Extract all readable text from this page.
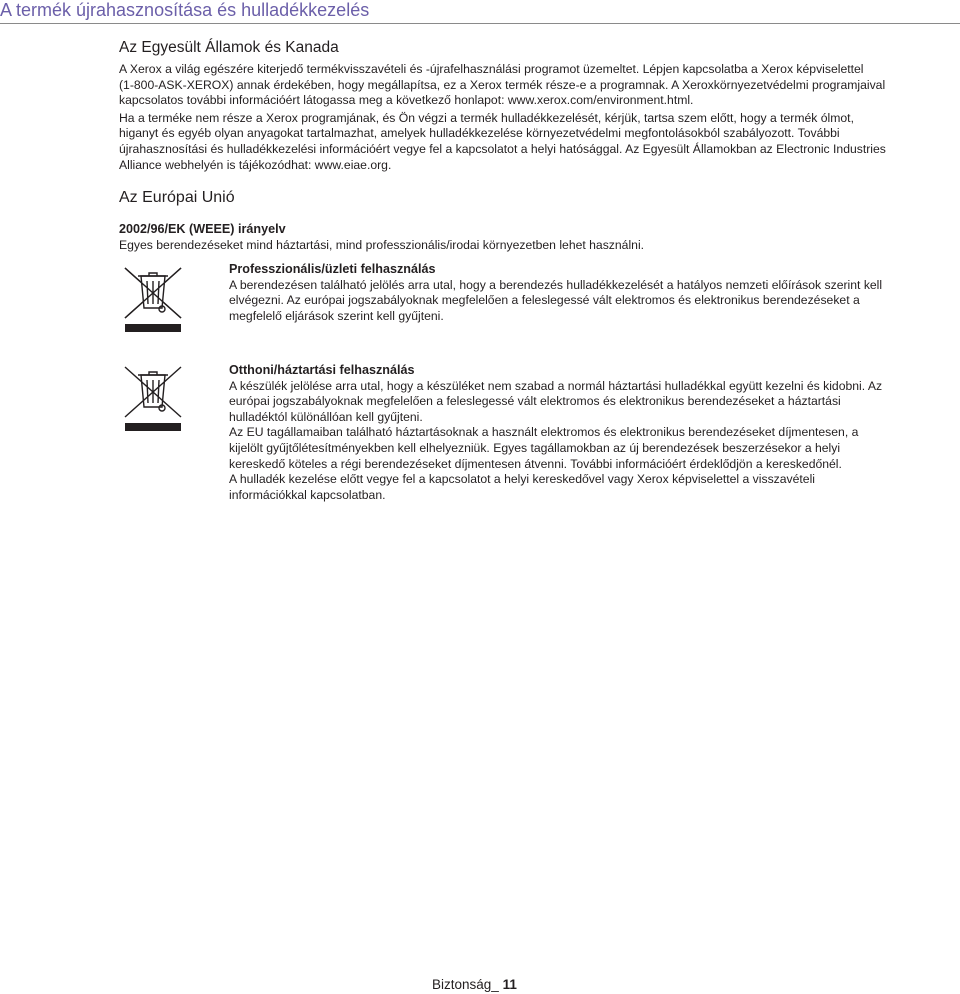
A termék újrahasznosítása és hulladékkezelés
Az Egyesült Államok és Kanada

A Xerox a világ egészére kiterjedő termékvisszavételi és -újrafelhasználási programot üzemeltet. Lépjen kapcsolatba a Xerox képviselettel

(1-800-ASK-XEROX) annak érdekében, hogy megállapítsa, ez a Xerox termék része-e a programnak. A Xeroxkörnyezetvédelmi programjaival

kapcsolatos további információért látogassa meg a következő honlapot: www.xerox.com/environment.html.

Ha a terméke nem része a Xerox programjának, és Ön végzi a termék hulladékkezelését, kérjük, tartsa szem előtt, hogy a termék ólmot,

higanyt és egyéb olyan anyagokat tartalmazhat, amelyek hulladékkezelése környezetvédelmi megfontolásokból szabályozott. További

újrahasznosítási és hulladékkezelési információért vegye fel a kapcsolatot a helyi hatósággal. Az Egyesült Államokban az Electronic Industries

Alliance webhelyén is tájékozódhat: www.eiae.org.

Az Európai Unió
2002/96/EK (WEEE) irányelv

Egyes berendezéseket mind háztartási, mind professzionális/irodai környezetben lehet használni.

Professzionális/üzleti felhasználás

A berendezésen található jelölés arra utal, hogy a berendezés hulladékkezelését a hatályos nemzeti előírások szerint kell

elvégezni. Az európai jogszabályoknak megfelelően a feleslegessé vált elektromos és elektronikus berendezéseket a

megfelelő eljárások szerint kell gyűjteni.

Otthoni/háztartási felhasználás

A készülék jelölése arra utal, hogy a készüléket nem szabad a normál háztartási hulladékkal együtt kezelni és kidobni. Az

európai jogszabályoknak megfelelően a feleslegessé vált elektromos és elektronikus berendezéseket a háztartási

hulladéktól különállóan kell gyűjteni.

Az EU tagállamaiban található háztartásoknak a használt elektromos és elektronikus berendezéseket díjmentesen, a

kijelölt gyűjtőlétesítményekben kell elhelyezniük. Egyes tagállamokban az új berendezések beszerzésekor a helyi

kereskedő köteles a régi berendezéseket díjmentesen átvenni. További információért érdeklődjön a kereskedőnél.

A hulladék kezelése előtt vegye fel a kapcsolatot a helyi kereskedővel vagy Xerox képviselettel a visszavételi

információkkal kapcsolatban.

Biztonság_ 11
